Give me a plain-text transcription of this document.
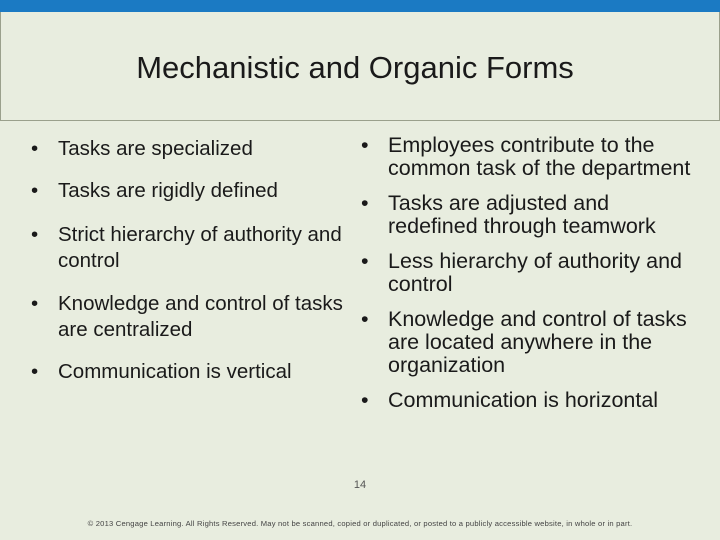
Mechanistic and Organic Forms
• Tasks are specialized
• Tasks are rigidly defined
• Strict hierarchy of authority and control
• Knowledge and control of tasks are centralized
• Communication is vertical
• Employees contribute to the common task of the department
• Tasks are adjusted and redefined through teamwork
• Less hierarchy of authority and control
• Knowledge and control of tasks are located anywhere in the organization
• Communication is horizontal
14
© 2013 Cengage Learning. All Rights Reserved. May not be scanned, copied or duplicated, or posted to a publicly accessible website, in whole or in part.
